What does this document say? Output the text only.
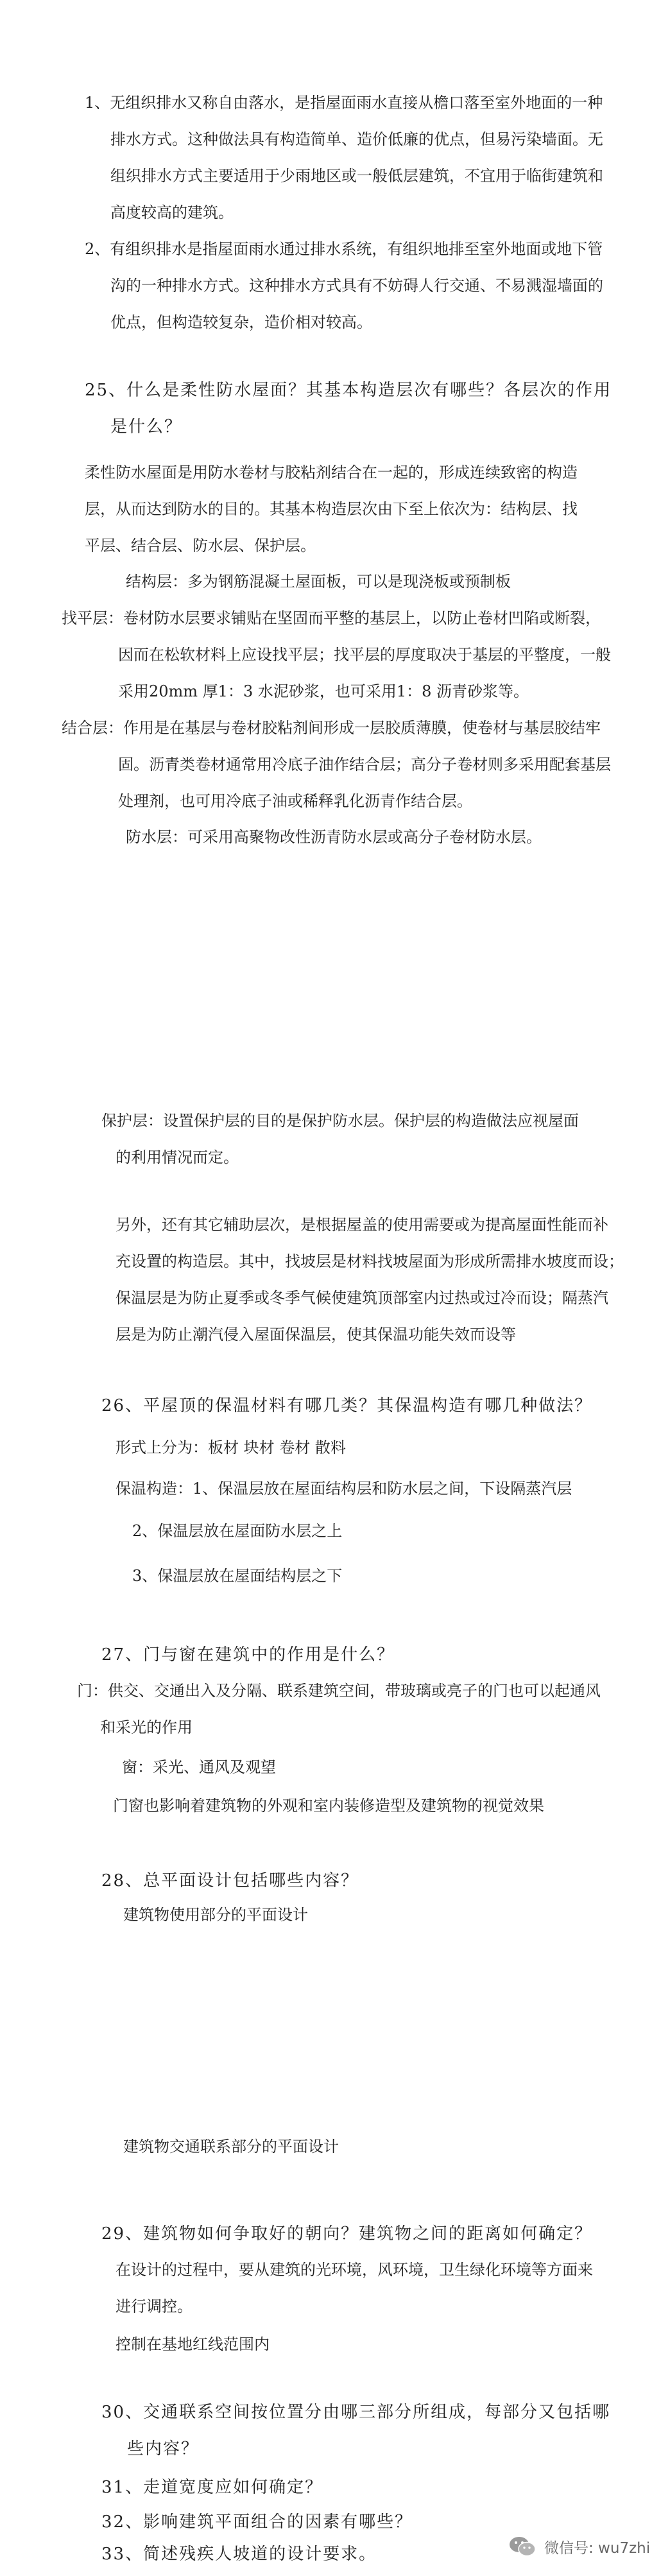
1、无组织排水又称自由落水，是指屋面雨水直接从檐口落至室外地面的一种
排水方式。这种做法具有构造简单、造价低廉的优点，但易污染墙面。无
组织排水方式主要适用于少雨地区或一般低层建筑，不宜用于临街建筑和
高度较高的建筑。
2、有组织排水是指屋面雨水通过排水系统，有组织地排至室外地面或地下管
沟的一种排水方式。这种排水方式具有不妨碍人行交通、不易溅湿墙面的
优点，但构造较复杂，造价相对较高。
25、什么是柔性防水屋面？其基本构造层次有哪些？各层次的作用
是什么？
柔性防水屋面是用防水卷材与胶粘剂结合在一起的，形成连续致密的构造
层，从而达到防水的目的。其基本构造层次由下至上依次为：结构层、找
平层、结合层、防水层、保护层。
结构层：多为钢筋混凝土屋面板，可以是现浇板或预制板
找平层：卷材防水层要求铺贴在坚固而平整的基层上，以防止卷材凹陷或断裂，
因而在松软材料上应设找平层；找平层的厚度取决于基层的平整度，一般
采用20mm 厚1：3 水泥砂浆，也可采用1：8 沥青砂浆等。
结合层：作用是在基层与卷材胶粘剂间形成一层胶质薄膜，使卷材与基层胶结牢
固。沥青类卷材通常用冷底子油作结合层；高分子卷材则多采用配套基层
处理剂，也可用冷底子油或稀释乳化沥青作结合层。
防水层：可采用高聚物改性沥青防水层或高分子卷材防水层。
保护层：设置保护层的目的是保护防水层。保护层的构造做法应视屋面
的利用情况而定。
另外，还有其它辅助层次，是根据屋盖的使用需要或为提高屋面性能而补
充设置的构造层。其中，找坡层是材料找坡屋面为形成所需排水坡度而设；
保温层是为防止夏季或冬季气候使建筑顶部室内过热或过冷而设；隔蒸汽
层是为防止潮汽侵入屋面保温层，使其保温功能失效而设等
26、平屋顶的保温材料有哪几类？其保温构造有哪几种做法？
形式上分为：板材 块材 卷材 散料
保温构造：1、保温层放在屋面结构层和防水层之间，下设隔蒸汽层
2、保温层放在屋面防水层之上
3、保温层放在屋面结构层之下
27、门与窗在建筑中的作用是什么？
门：供交、交通出入及分隔、联系建筑空间，带玻璃或亮子的门也可以起通风
和采光的作用
窗：采光、通风及观望
门窗也影响着建筑物的外观和室内装修造型及建筑物的视觉效果
28、总平面设计包括哪些内容？
建筑物使用部分的平面设计
建筑物交通联系部分的平面设计
29、建筑物如何争取好的朝向？建筑物之间的距离如何确定？
在设计的过程中，要从建筑的光环境，风环境，卫生绿化环境等方面来
进行调控。
控制在基地红线范围内
30、交通联系空间按位置分由哪三部分所组成，每部分又包括哪
些内容？
31、走道宽度应如何确定？
32、影响建筑平面组合的因素有哪些？
33、简述残疾人坡道的设计要求。	微信号: wu7zhi
